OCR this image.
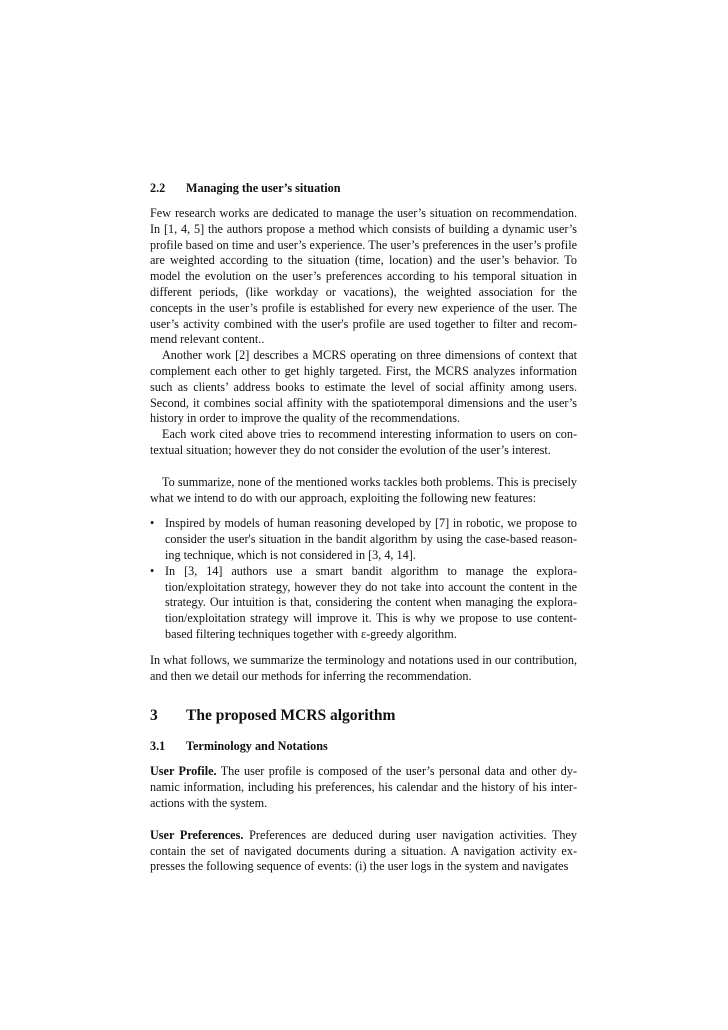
2.2	Managing the user’s situation

Few research works are dedicated to manage the user’s situation on recommendation. In [1, 4, 5] the authors propose a method which consists of building a dynamic user’s profile based on time and user’s experience. The user’s preferences in the user’s profile are weighted according to the situation (time, location) and the user’s behavior. To model the evolution on the user’s preferences according to his temporal situation in different periods, (like workday or vacations), the weighted association for the concepts in the user’s profile is established for every new experience of the user. The user’s activity combined with the user's profile are used together to filter and recommend relevant content..

Another work [2] describes a MCRS operating on three dimensions of context that complement each other to get highly targeted. First, the MCRS analyzes information such as clients’ address books to estimate the level of social affinity among users. Second, it combines social affinity with the spatiotemporal dimensions and the user’s history in order to improve the quality of the recommendations.

Each work cited above tries to recommend interesting information to users on contextual situation; however they do not consider the evolution of the user’s interest.

To summarize, none of the mentioned works tackles both problems. This is precisely what we intend to do with our approach, exploiting the following new features:

• Inspired by models of human reasoning developed by [7] in robotic, we propose to consider the user's situation in the bandit algorithm by using the case-based reasoning technique, which is not considered in [3, 4, 14].
• In [3, 14] authors use a smart bandit algorithm to manage the exploration/exploitation strategy, however they do not take into account the content in the strategy. Our intuition is that, considering the content when managing the exploration/exploitation strategy will improve it. This is why we propose to use content-based filtering techniques together with ε-greedy algorithm.

In what follows, we summarize the terminology and notations used in our contribution, and then we detail our methods for inferring the recommendation.

3	The proposed MCRS algorithm
3.1	Terminology and Notations

User Profile. The user profile is composed of the user’s personal data and other dynamic information, including his preferences, his calendar and the history of his interactions with the system.

User Preferences. Preferences are deduced during user navigation activities. They contain the set of navigated documents during a situation. A navigation activity expresses the following sequence of events: (i) the user logs in the system and navigates
